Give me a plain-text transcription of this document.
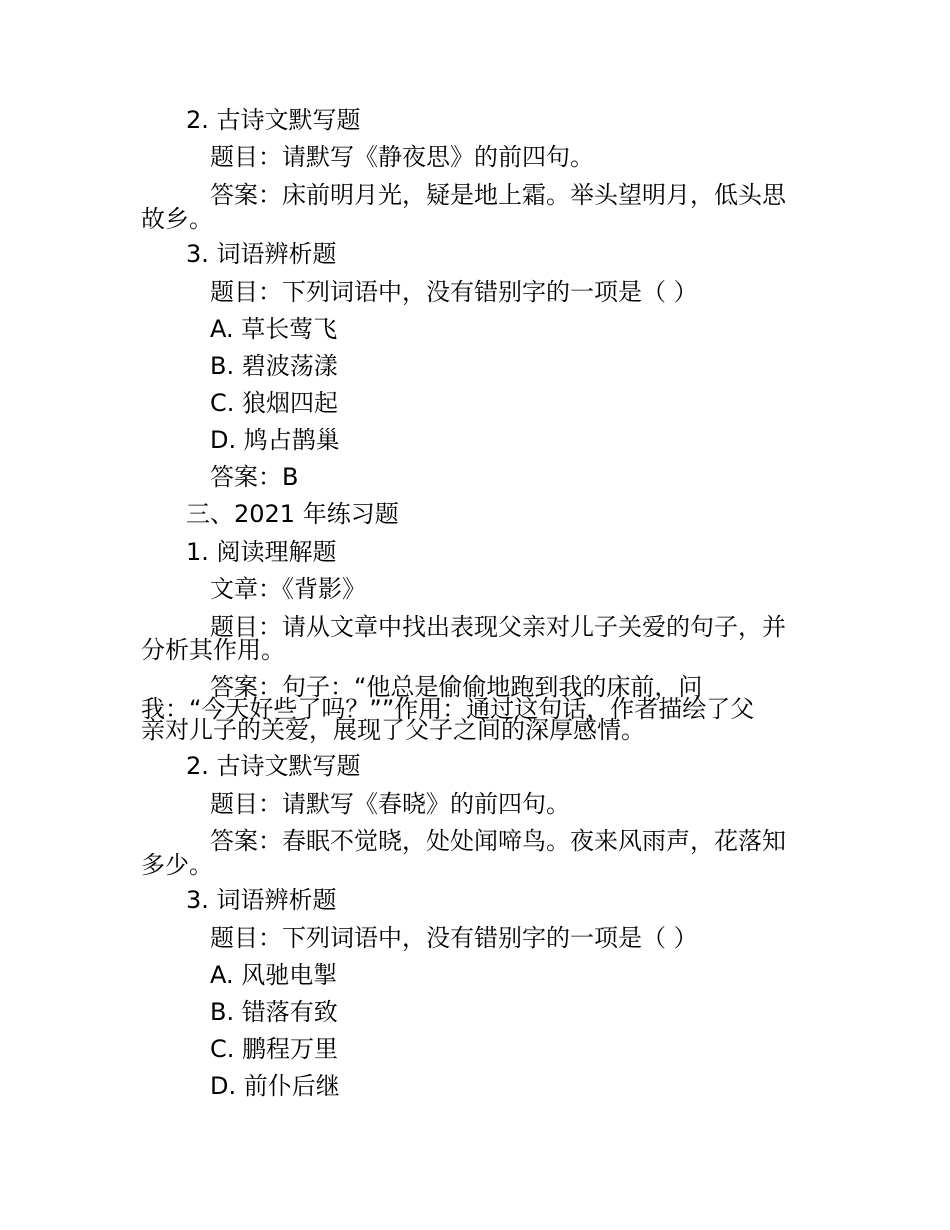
2. 古诗文默写题

题目：请默写《静夜思》的前四句。

答案：床前明月光，疑是地上霜。举头望明月，低头思

故乡。

3. 词语辨析题

题目：下列词语中，没有错别字的一项是（ ）

A. 草长莺飞

B. 碧波荡漾

C. 狼烟四起

D. 鸠占鹊巢

答案：B

三、2021 年练习题

1. 阅读理解题

文章：《背影》

题目：请从文章中找出表现父亲对儿子关爱的句子，并

分析其作用。

答案：句子：“他总是偷偷地跑到我的床前，问

我：“今天好些了吗？””作用：通过这句话，作者描绘了父

亲对儿子的关爱，展现了父子之间的深厚感情。

2. 古诗文默写题

题目：请默写《春晓》的前四句。

答案：春眠不觉晓，处处闻啼鸟。夜来风雨声，花落知

多少。

3. 词语辨析题

题目：下列词语中，没有错别字的一项是（ ）

A. 风驰电掣

B. 错落有致

C. 鹏程万里

D. 前仆后继
